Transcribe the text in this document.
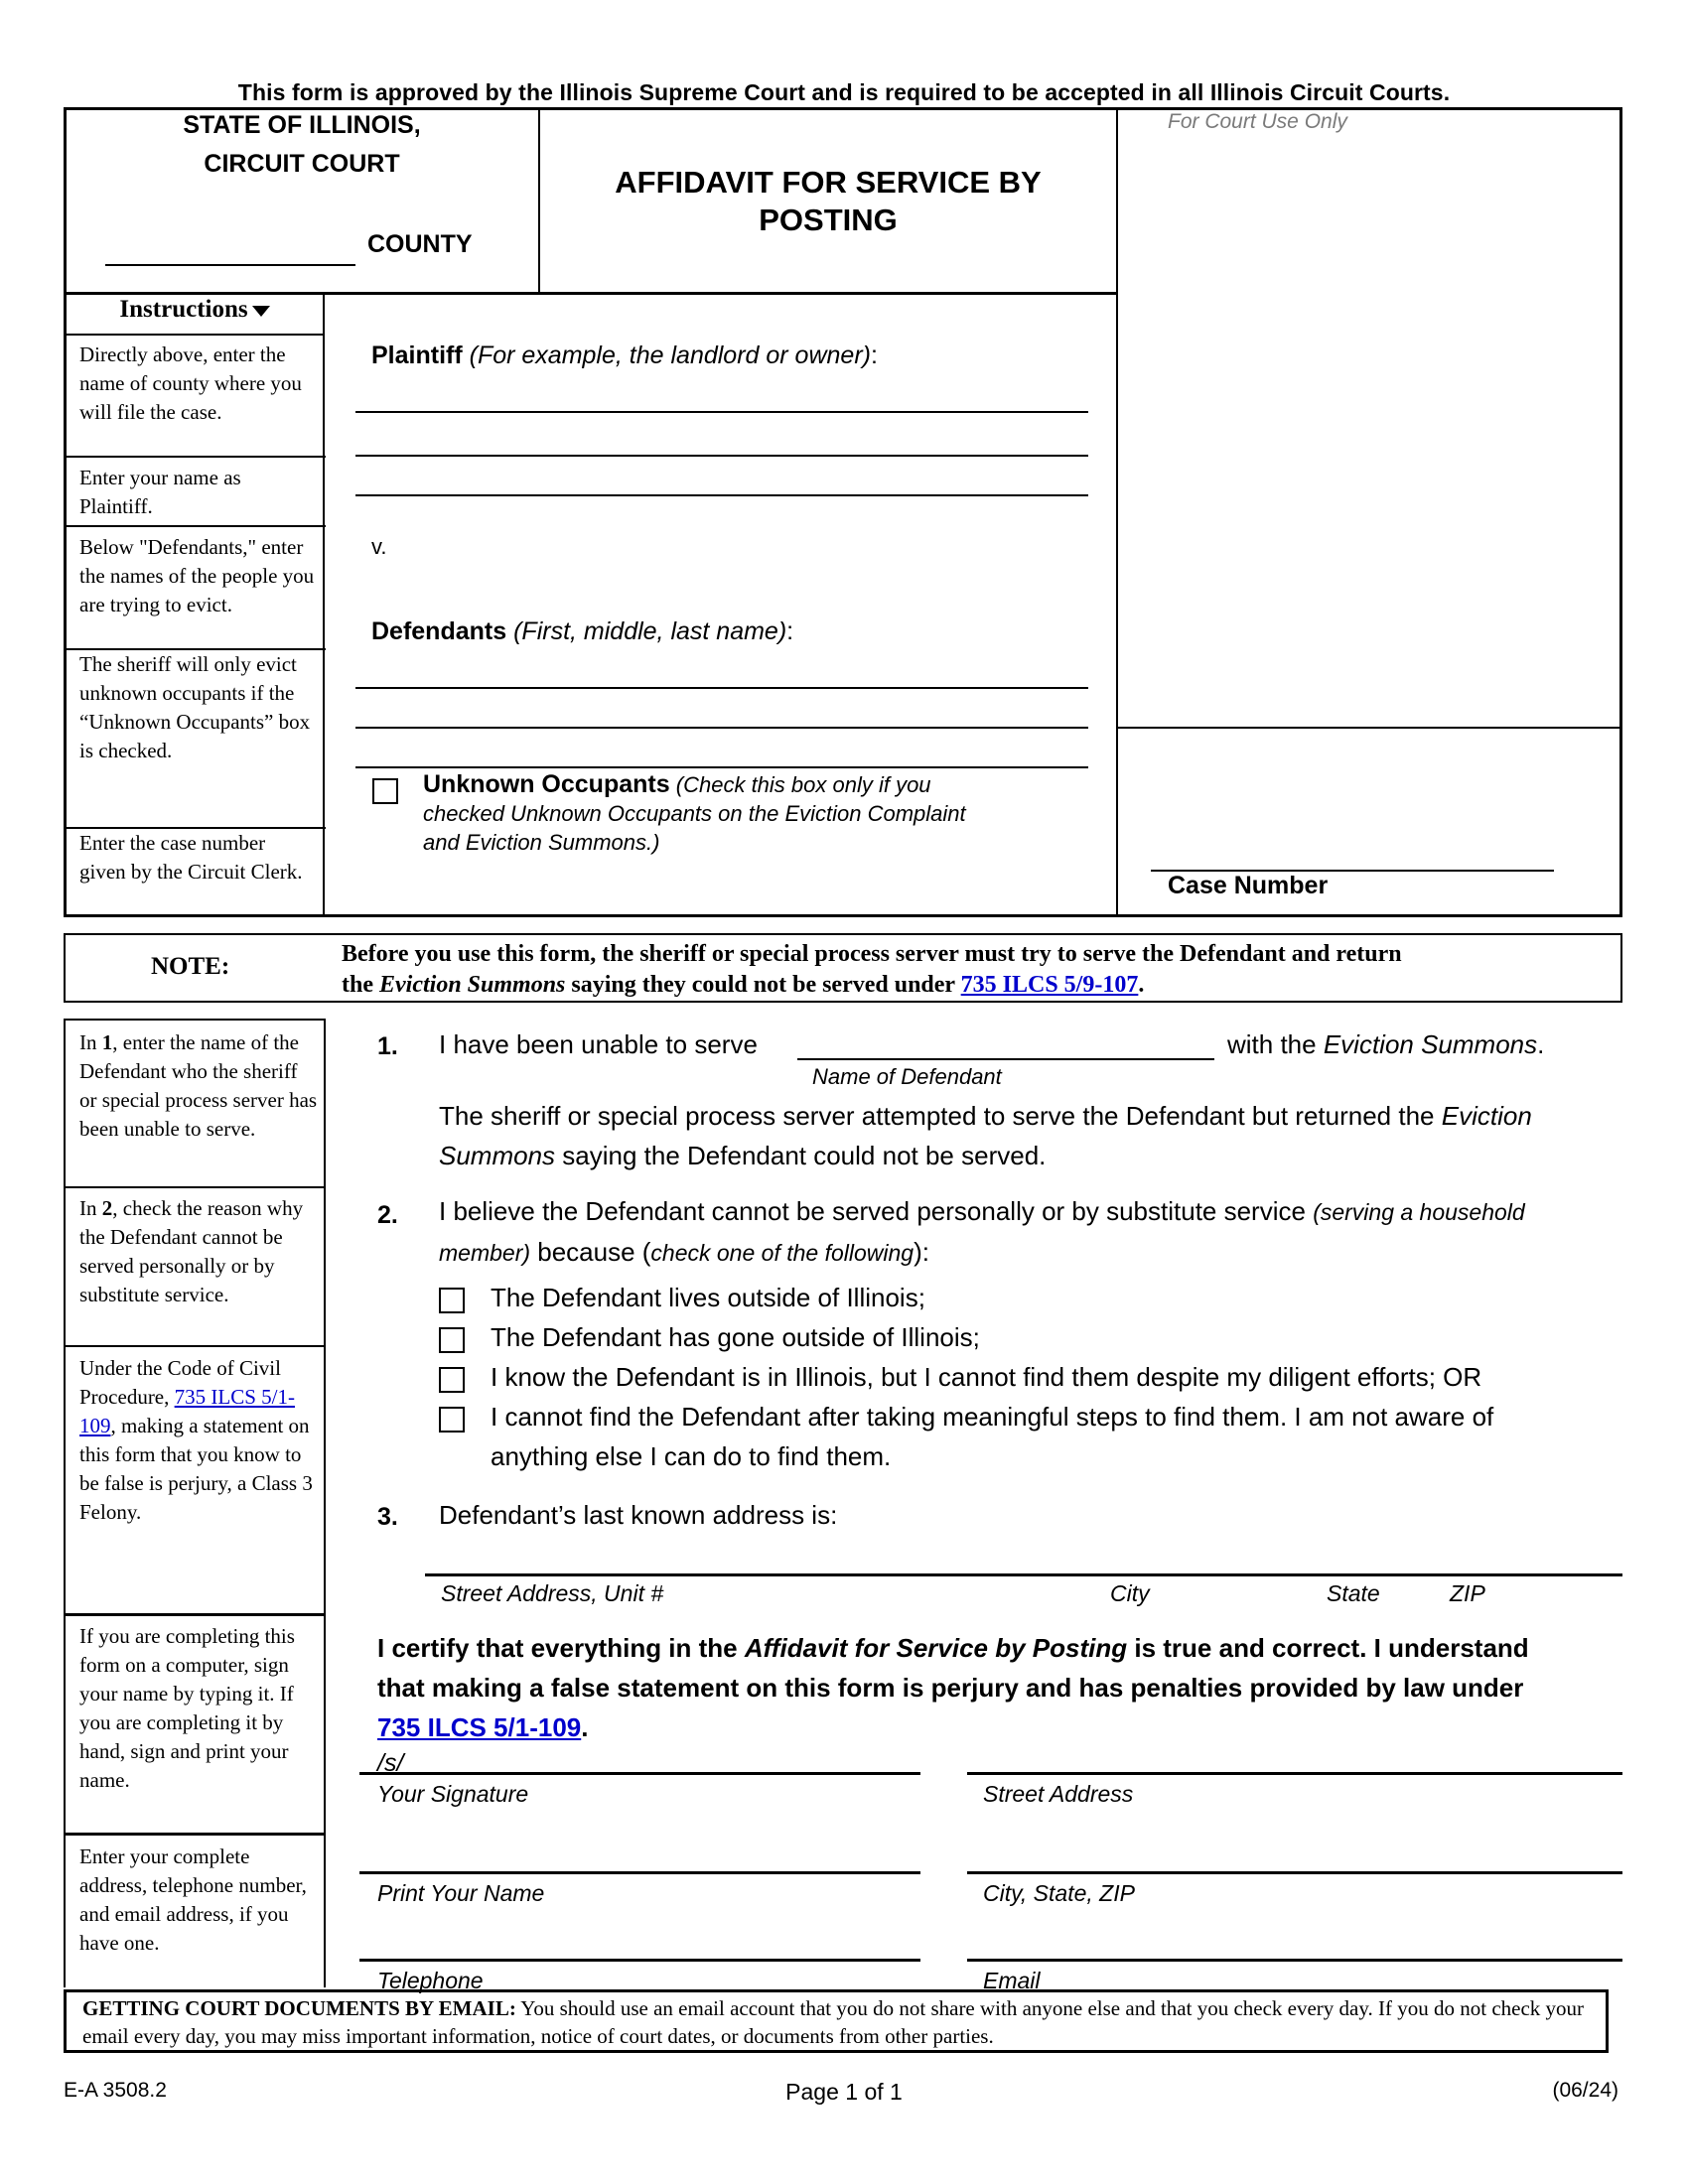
This form is approved by the Illinois Supreme Court and is required to be accepted in all Illinois Circuit Courts.
STATE OF ILLINOIS,
CIRCUIT COURT
COUNTY
AFFIDAVIT FOR SERVICE BY
POSTING
For Court Use Only
Case Number
Instructions
Directly above, enter the name of county where you will file the case.
Enter your name as Plaintiff.
Below "Defendants," enter the names of the people you are trying to evict.
The sheriff will only evict unknown occupants if the “Unknown Occupants” box is checked.
Enter the case number given by the Circuit Clerk.
Plaintiff (For example, the landlord or owner):
v.
Defendants (First, middle, last name):
Unknown Occupants (Check this box only if you
checked Unknown Occupants on the Eviction Complaint
and Eviction Summons.)
NOTE:	Before you use this form, the sheriff or special process server must try to serve the Defendant and return
the Eviction Summons saying they could not be served under 735 ILCS 5/9-107.
In 1, enter the name of the Defendant who the sheriff or special process server has been unable to serve.
In 2, check the reason why the Defendant cannot be served personally or by substitute service.
Under the Code of Civil Procedure, 735 ILCS 5/1-109, making a statement on this form that you know to be false is perjury, a Class 3 Felony.
If you are completing this form on a computer, sign your name by typing it. If you are completing it by hand, sign and print your name.
Enter your complete address, telephone number, and email address, if you have one.
1. I have been unable to serve
Name of Defendant
with the Eviction Summons.
The sheriff or special process server attempted to serve the Defendant but returned the Eviction
Summons saying the Defendant could not be served.
2. I believe the Defendant cannot be served personally or by substitute service (serving a household
member) because (check one of the following):
The Defendant lives outside of Illinois;
The Defendant has gone outside of Illinois;
I know the Defendant is in Illinois, but I cannot find them despite my diligent efforts; OR
I cannot find the Defendant after taking meaningful steps to find them. I am not aware of
anything else I can do to find them.
3. Defendant’s last known address is:
Street Address, Unit #	City	State	ZIP
I certify that everything in the Affidavit for Service by Posting is true and correct. I understand
that making a false statement on this form is perjury and has penalties provided by law under
735 ILCS 5/1-109.
/s/
Your Signature	Street Address
Print Your Name	City, State, ZIP
Telephone	Email
GETTING COURT DOCUMENTS BY EMAIL: You should use an email account that you do not share with anyone else and that you check every day. If you do not check your email every day, you may miss important information, notice of court dates, or documents from other parties.
E-A 3508.2	Page 1 of 1	(06/24)
